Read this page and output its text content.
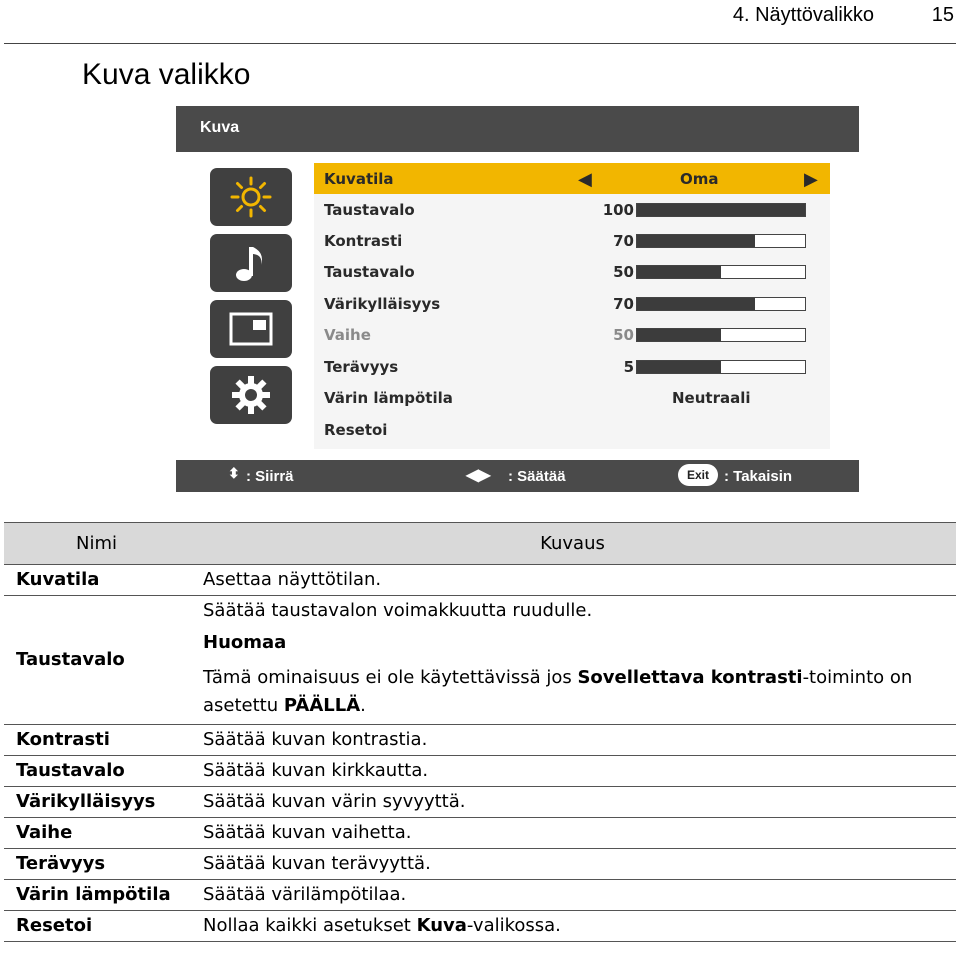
4. Näyttövalikko	15
Kuva valikko
Kuva
Kuvatila	◀	Oma	▶
Taustavalo	100
Kontrasti	70
Taustavalo	50
Värikylläisyys	70
Vaihe	50
Terävyys	5
Värin lämpötila	Neutraali
Resetoi
⬍ : Siirrä	◀▶ : Säätää	Exit	: Takaisin
Nimi	Kuvaus
Kuvatila	Asettaa näyttötilan.
Taustavalo	Säätää taustavalon voimakkuutta ruudulle.
Huomaa
Tämä ominaisuus ei ole käytettävissä jos Sovellettava kontrasti-toiminto on asetettu PÄÄLLÄ.

Kontrasti	Säätää kuvan kontrastia.
Taustavalo	Säätää kuvan kirkkautta.
Värikylläisyys	Säätää kuvan värin syvyyttä.
Vaihe	Säätää kuvan vaihetta.
Terävyys	Säätää kuvan terävyyttä.
Värin lämpötila	Säätää värilämpötilaa.
Resetoi	Nollaa kaikki asetukset Kuva-valikossa.
